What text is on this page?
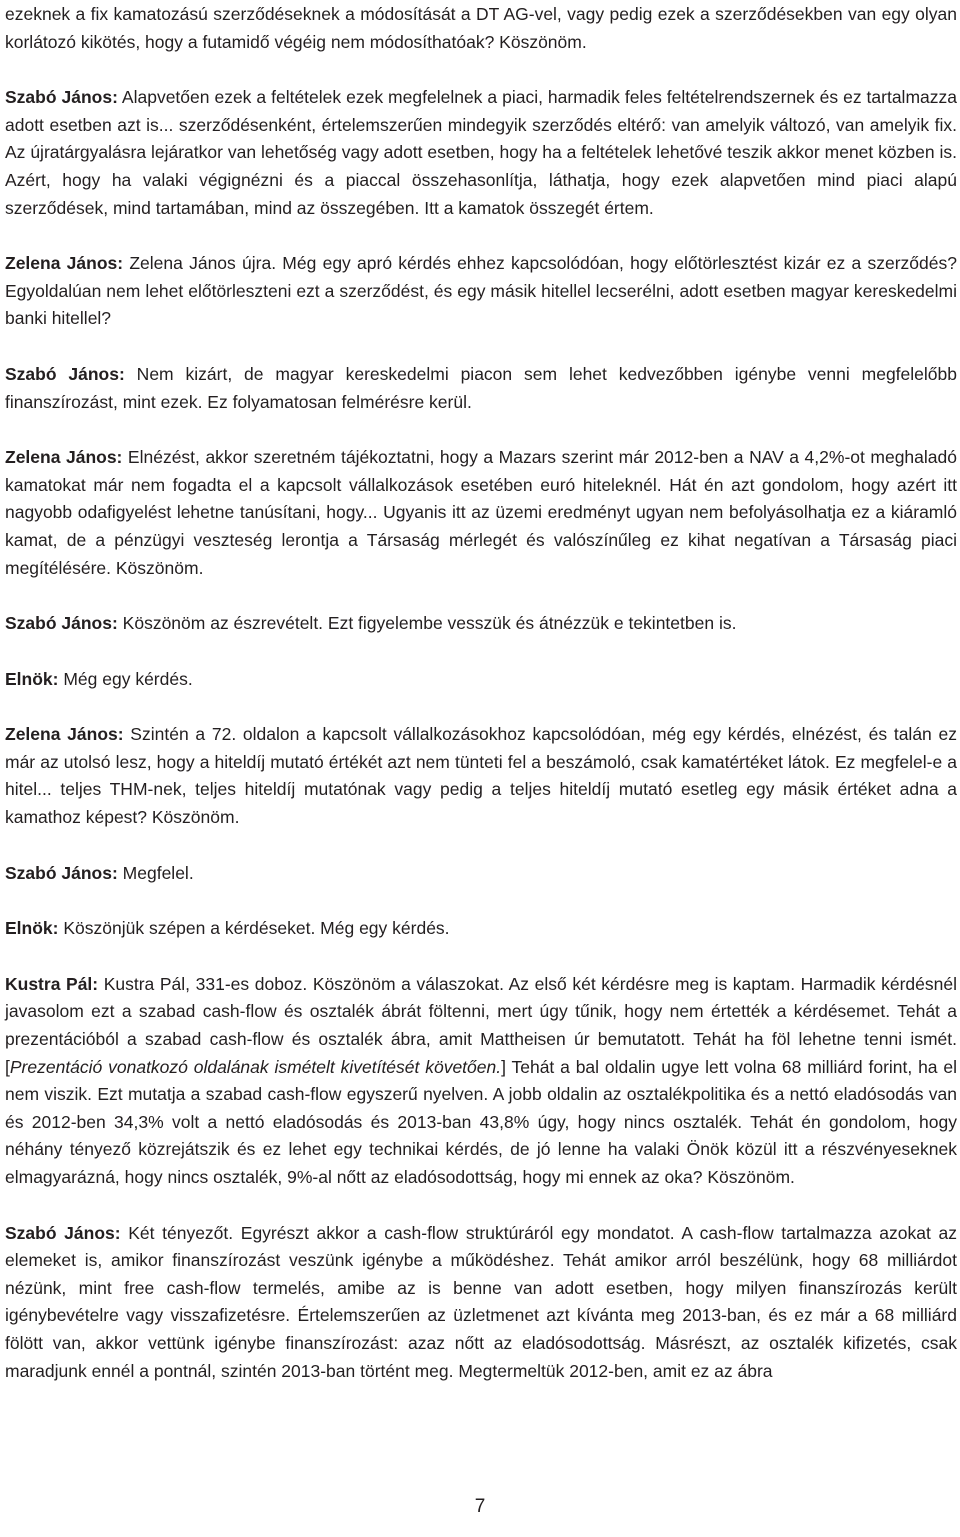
ezeknek a fix kamatozású szerződéseknek a módosítását a DT AG-vel, vagy pedig ezek a szerződésekben van egy olyan korlátozó kikötés, hogy a futamidő végéig nem módosíthatóak? Köszönöm.

Szabó János: Alapvetően ezek a feltételek ezek megfelelnek a piaci, harmadik feles feltételrendszernek és ez tartalmazza adott esetben azt is... szerződésenként, értelemszerűen mindegyik szerződés eltérő: van amelyik változó, van amelyik fix. Az újratárgyalásra lejáratkor van lehetőség vagy adott esetben, hogy ha a feltételek lehetővé teszik akkor menet közben is. Azért, hogy ha valaki végignézni és a piaccal összehasonlítja, láthatja, hogy ezek alapvetően mind piaci alapú szerződések, mind tartamában, mind az összegében. Itt a kamatok összegét értem.

Zelena János: Zelena János újra. Még egy apró kérdés ehhez kapcsolódóan, hogy előtörlesztést kizár ez a szerződés? Egyoldalúan nem lehet előtörleszteni ezt a szerződést, és egy másik hitellel lecserélni, adott esetben magyar kereskedelmi banki hitellel?

Szabó János: Nem kizárt, de magyar kereskedelmi piacon sem lehet kedvezőbben igénybe venni megfelelőbb finanszírozást, mint ezek. Ez folyamatosan felmérésre kerül.

Zelena János: Elnézést, akkor szeretném tájékoztatni, hogy a Mazars szerint már 2012-ben a NAV a 4,2%-ot meghaladó kamatokat már nem fogadta el a kapcsolt vállalkozások esetében euró hiteleknél. Hát én azt gondolom, hogy azért itt nagyobb odafigyelést lehetne tanúsítani, hogy... Ugyanis itt az üzemi eredményt ugyan nem befolyásolhatja ez a kiáramló kamat, de a pénzügyi veszteség lerontja a Társaság mérlegét és valószínűleg ez kihat negatívan a Társaság piaci megítélésére. Köszönöm.

Szabó János: Köszönöm az észrevételt. Ezt figyelembe vesszük és átnézzük e tekintetben is.

Elnök: Még egy kérdés.

Zelena János: Szintén a 72. oldalon a kapcsolt vállalkozásokhoz kapcsolódóan, még egy kérdés, elnézést, és talán ez már az utolsó lesz, hogy a hiteldíj mutató értékét azt nem tünteti fel a beszámoló, csak kamatértéket látok. Ez megfelel-e a hitel... teljes THM-nek, teljes hiteldíj mutatónak vagy pedig a teljes hiteldíj mutató esetleg egy másik értéket adna a kamathoz képest? Köszönöm.

Szabó János: Megfelel.

Elnök: Köszönjük szépen a kérdéseket. Még egy kérdés.

Kustra Pál: Kustra Pál, 331-es doboz. Köszönöm a válaszokat. Az első két kérdésre meg is kaptam. Harmadik kérdésnél javasolom ezt a szabad cash-flow és osztalék ábrát föltenni, mert úgy tűnik, hogy nem értették a kérdésemet. Tehát a prezentációból a szabad cash-flow és osztalék ábra, amit Mattheisen úr bemutatott. Tehát ha föl lehetne tenni ismét. [Prezentáció vonatkozó oldalának ismételt kivetítését követően.] Tehát a bal oldalin ugye lett volna 68 milliárd forint, ha el nem viszik. Ezt mutatja a szabad cash-flow egyszerű nyelven. A jobb oldalin az osztalékpolitika és a nettó eladósodás van és 2012-ben 34,3% volt a nettó eladósodás és 2013-ban 43,8% úgy, hogy nincs osztalék. Tehát én gondolom, hogy néhány tényező közrejátszik és ez lehet egy technikai kérdés, de jó lenne ha valaki Önök közül itt a részvényeseknek elmagyarázná, hogy nincs osztalék, 9%-al nőtt az eladósodottság, hogy mi ennek az oka? Köszönöm.

Szabó János: Két tényezőt. Egyrészt akkor a cash-flow struktúráról egy mondatot. A cash-flow tartalmazza azokat az elemeket is, amikor finanszírozást veszünk igénybe a működéshez. Tehát amikor arról beszélünk, hogy 68 milliárdot nézünk, mint free cash-flow termelés, amibe az is benne van adott esetben, hogy milyen finanszírozás került igénybevételre vagy visszafizetésre. Értelemszerűen az üzletmenet azt kívánta meg 2013-ban, és ez már a 68 milliárd fölött van, akkor vettünk igénybe finanszírozást: azaz nőtt az eladósodottság. Másrészt, az osztalék kifizetés, csak maradjunk ennél a pontnál, szintén 2013-ban történt meg. Megtermeltük 2012-ben, amit ez az ábra

7
